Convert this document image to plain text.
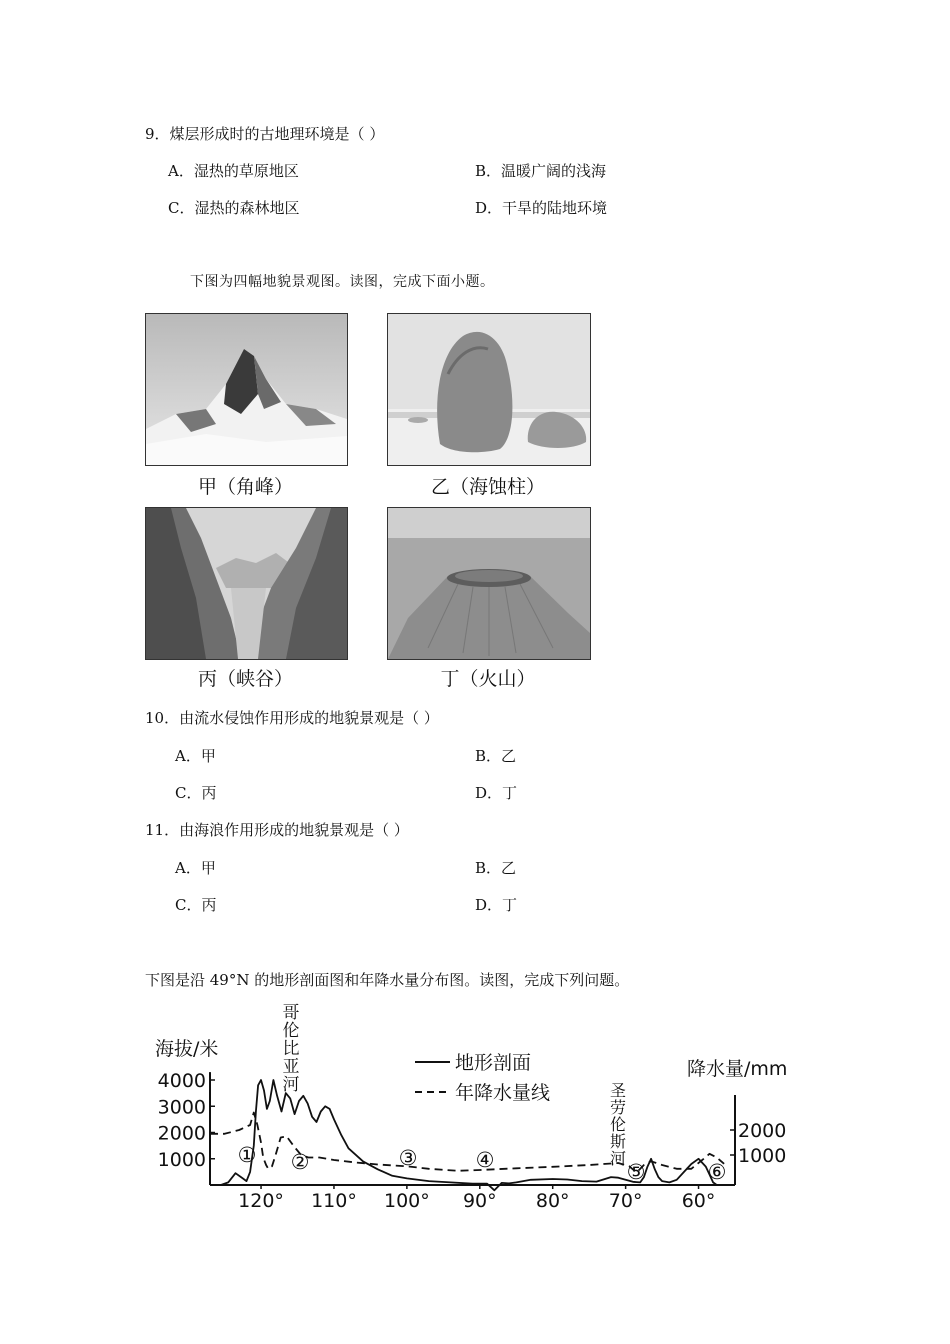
9．煤层形成时的古地理环境是（ ）
A．湿热的草原地区	B．温暖广阔的浅海
C．湿热的森林地区	D．干旱的陆地环境
下图为四幅地貌景观图。读图，完成下面小题。
甲（角峰）	乙（海蚀柱）
丙（峡谷）	丁（火山）
10．由流水侵蚀作用形成的地貌景观是（ ）
A．甲	B．乙
C．丙	D．丁
11．由海浪作用形成的地貌景观是（ ）
A．甲	B．乙
C．丙	D．丁
下图是沿 49°N 的地形剖面图和年降水量分布图。读图，完成下列问题。
海拔/米
降水量/mm
4000
3000
2000
1000
2000
1000
120° 110° 100° 90° 80° 70° 60°
地形剖面
年降水量线
哥
伦
比
亚
河	圣
劳
伦
斯
河
① ②	③	④	⑤	⑥
